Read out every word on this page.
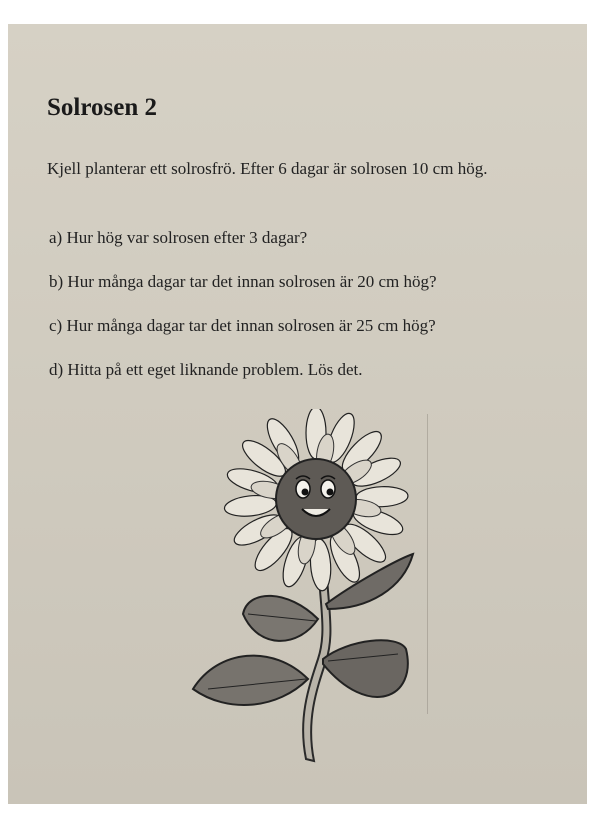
Solrosen 2
Kjell planterar ett solrosfrö. Efter 6 dagar är solrosen 10 cm hög.
a) Hur hög var solrosen efter 3 dagar?
b) Hur många dagar tar det innan solrosen är 20 cm hög?
c) Hur många dagar tar det innan solrosen är 25 cm hög?
d) Hitta på ett eget liknande problem. Lös det.
